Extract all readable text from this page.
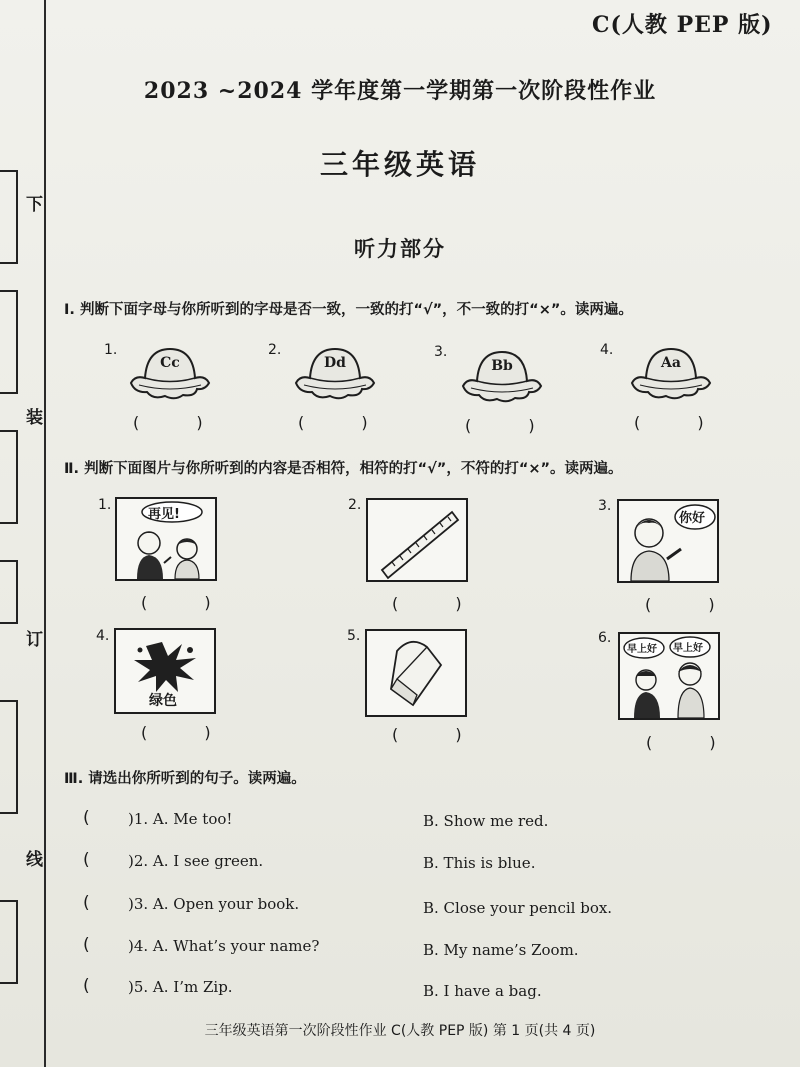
下
装
订
线
C(人教 PEP 版)
2023 ~2024 学年度第一学期第一次阶段性作业
三年级英语
听力部分
Ⅰ. 判断下面字母与你所听到的字母是否一致，一致的打“√”，不一致的打“×”。读两遍。
1.
Cc
( )
2.
Dd
( )
3.
Bb
( )
4.
Aa
( )
Ⅱ. 判断下面图片与你所听到的内容是否相符，相符的打“√”，不符的打“×”。读两遍。
1.
再见!
( )
2.
( )
3.
你好
( )
4.
绿色
( )
5.
( )
6.
早上好 早上好
( )
Ⅲ. 请选出你所听到的句子。读两遍。
(	)1. A. Me too!	B. Show me red.
(	)2. A. I see green.	B. This is blue.
(	)3. A. Open your book.	B. Close your pencil box.
(	)4. A. What’s your name?	B. My name’s Zoom.
(	)5. A. I’m Zip.	B. I have a bag.
三年级英语第一次阶段性作业 C(人教 PEP 版) 第 1 页(共 4 页)
